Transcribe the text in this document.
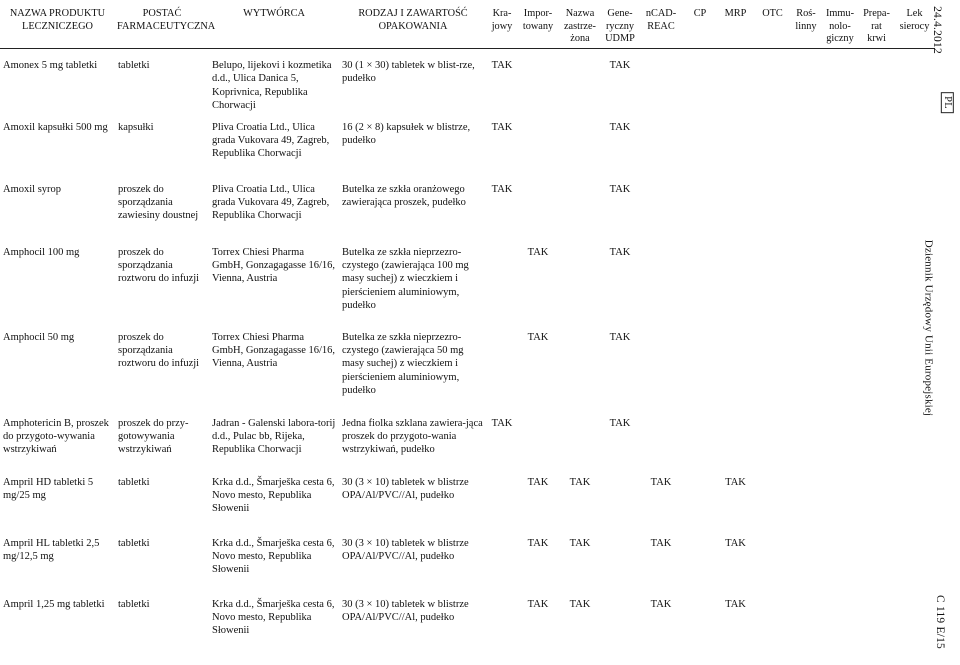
NAZWA PRODUKTU LECZNICZEGO	POSTAĆ FARMACEUTYCZNA	WYTWÓRCA	RODZAJ I ZAWARTOŚĆ OPAKOWANIA	Kra-jowy	Impor-towany	Nazwa zastrze-żona	Gene-ryczny UDMP	nCAD-REAC	CP	MRP	OTC	Roś-linny	Immu-nolo-giczny	Prepa-rat krwi	Lek sierocy
Amonex 5 mg tabletki	tabletki	Belupo, lijekovi i kozmetika d.d., Ulica Danica 5, Koprivnica, Republika Chorwacji	30 (1 × 30) tabletek w blist-rze, pudełko	TAK			TAK								
Amoxil kapsułki 500 mg	kapsułki	Pliva Croatia Ltd., Ulica grada Vukovara 49, Zagreb, Republika Chorwacji	16 (2 × 8) kapsułek w blistrze, pudełko	TAK			TAK								
Amoxil syrop	proszek do sporządzania zawiesiny doustnej	Pliva Croatia Ltd., Ulica grada Vukovara 49, Zagreb, Republika Chorwacji	Butelka ze szkła oranżowego zawierająca proszek, pudełko	TAK			TAK								
Amphocil 100 mg	proszek do sporządzania roztworu do infuzji	Torrex Chiesi Pharma GmbH, Gonzagagasse 16/16, Vienna, Austria	Butelka ze szkła nieprzezro-czystego (zawierająca 100 mg masy suchej) z wieczkiem i pierścieniem aluminiowym, pudełko		TAK		TAK								
Amphocil 50 mg	proszek do sporządzania roztworu do infuzji	Torrex Chiesi Pharma GmbH, Gonzagagasse 16/16, Vienna, Austria	Butelka ze szkła nieprzezro-czystego (zawierająca 50 mg masy suchej) z wieczkiem i pierścieniem aluminiowym, pudełko		TAK		TAK								
Amphotericin B, proszek do przygoto-wywania wstrzykiwań	proszek do przy-gotowywania wstrzykiwań	Jadran - Galenski labora-torij d.d., Pulac bb, Rijeka, Republika Chorwacji	Jedna fiolka szklana zawiera-jąca proszek do przygoto-wania wstrzykiwań, pudełko	TAK			TAK								
Ampril HD tabletki 5 mg/25 mg	tabletki	Krka d.d., Šmarješka cesta 6, Novo mesto, Republika Słowenii	30 (3 × 10) tabletek w blistrze OPA/Al/PVC//Al, pudełko		TAK	TAK		TAK		TAK					
Ampril HL tabletki 2,5 mg/12,5 mg	tabletki	Krka d.d., Šmarješka cesta 6, Novo mesto, Republika Słowenii	30 (3 × 10) tabletek w blistrze OPA/Al/PVC//Al, pudełko		TAK	TAK		TAK		TAK					
Ampril 1,25 mg tabletki	tabletki	Krka d.d., Šmarješka cesta 6, Novo mesto, Republika Słowenii	30 (3 × 10) tabletek w blistrze OPA/Al/PVC//Al, pudełko		TAK	TAK		TAK		TAK					
24.4.2012
PL
Dziennik Urzędowy Unii Europejskiej
C 119 E/15
